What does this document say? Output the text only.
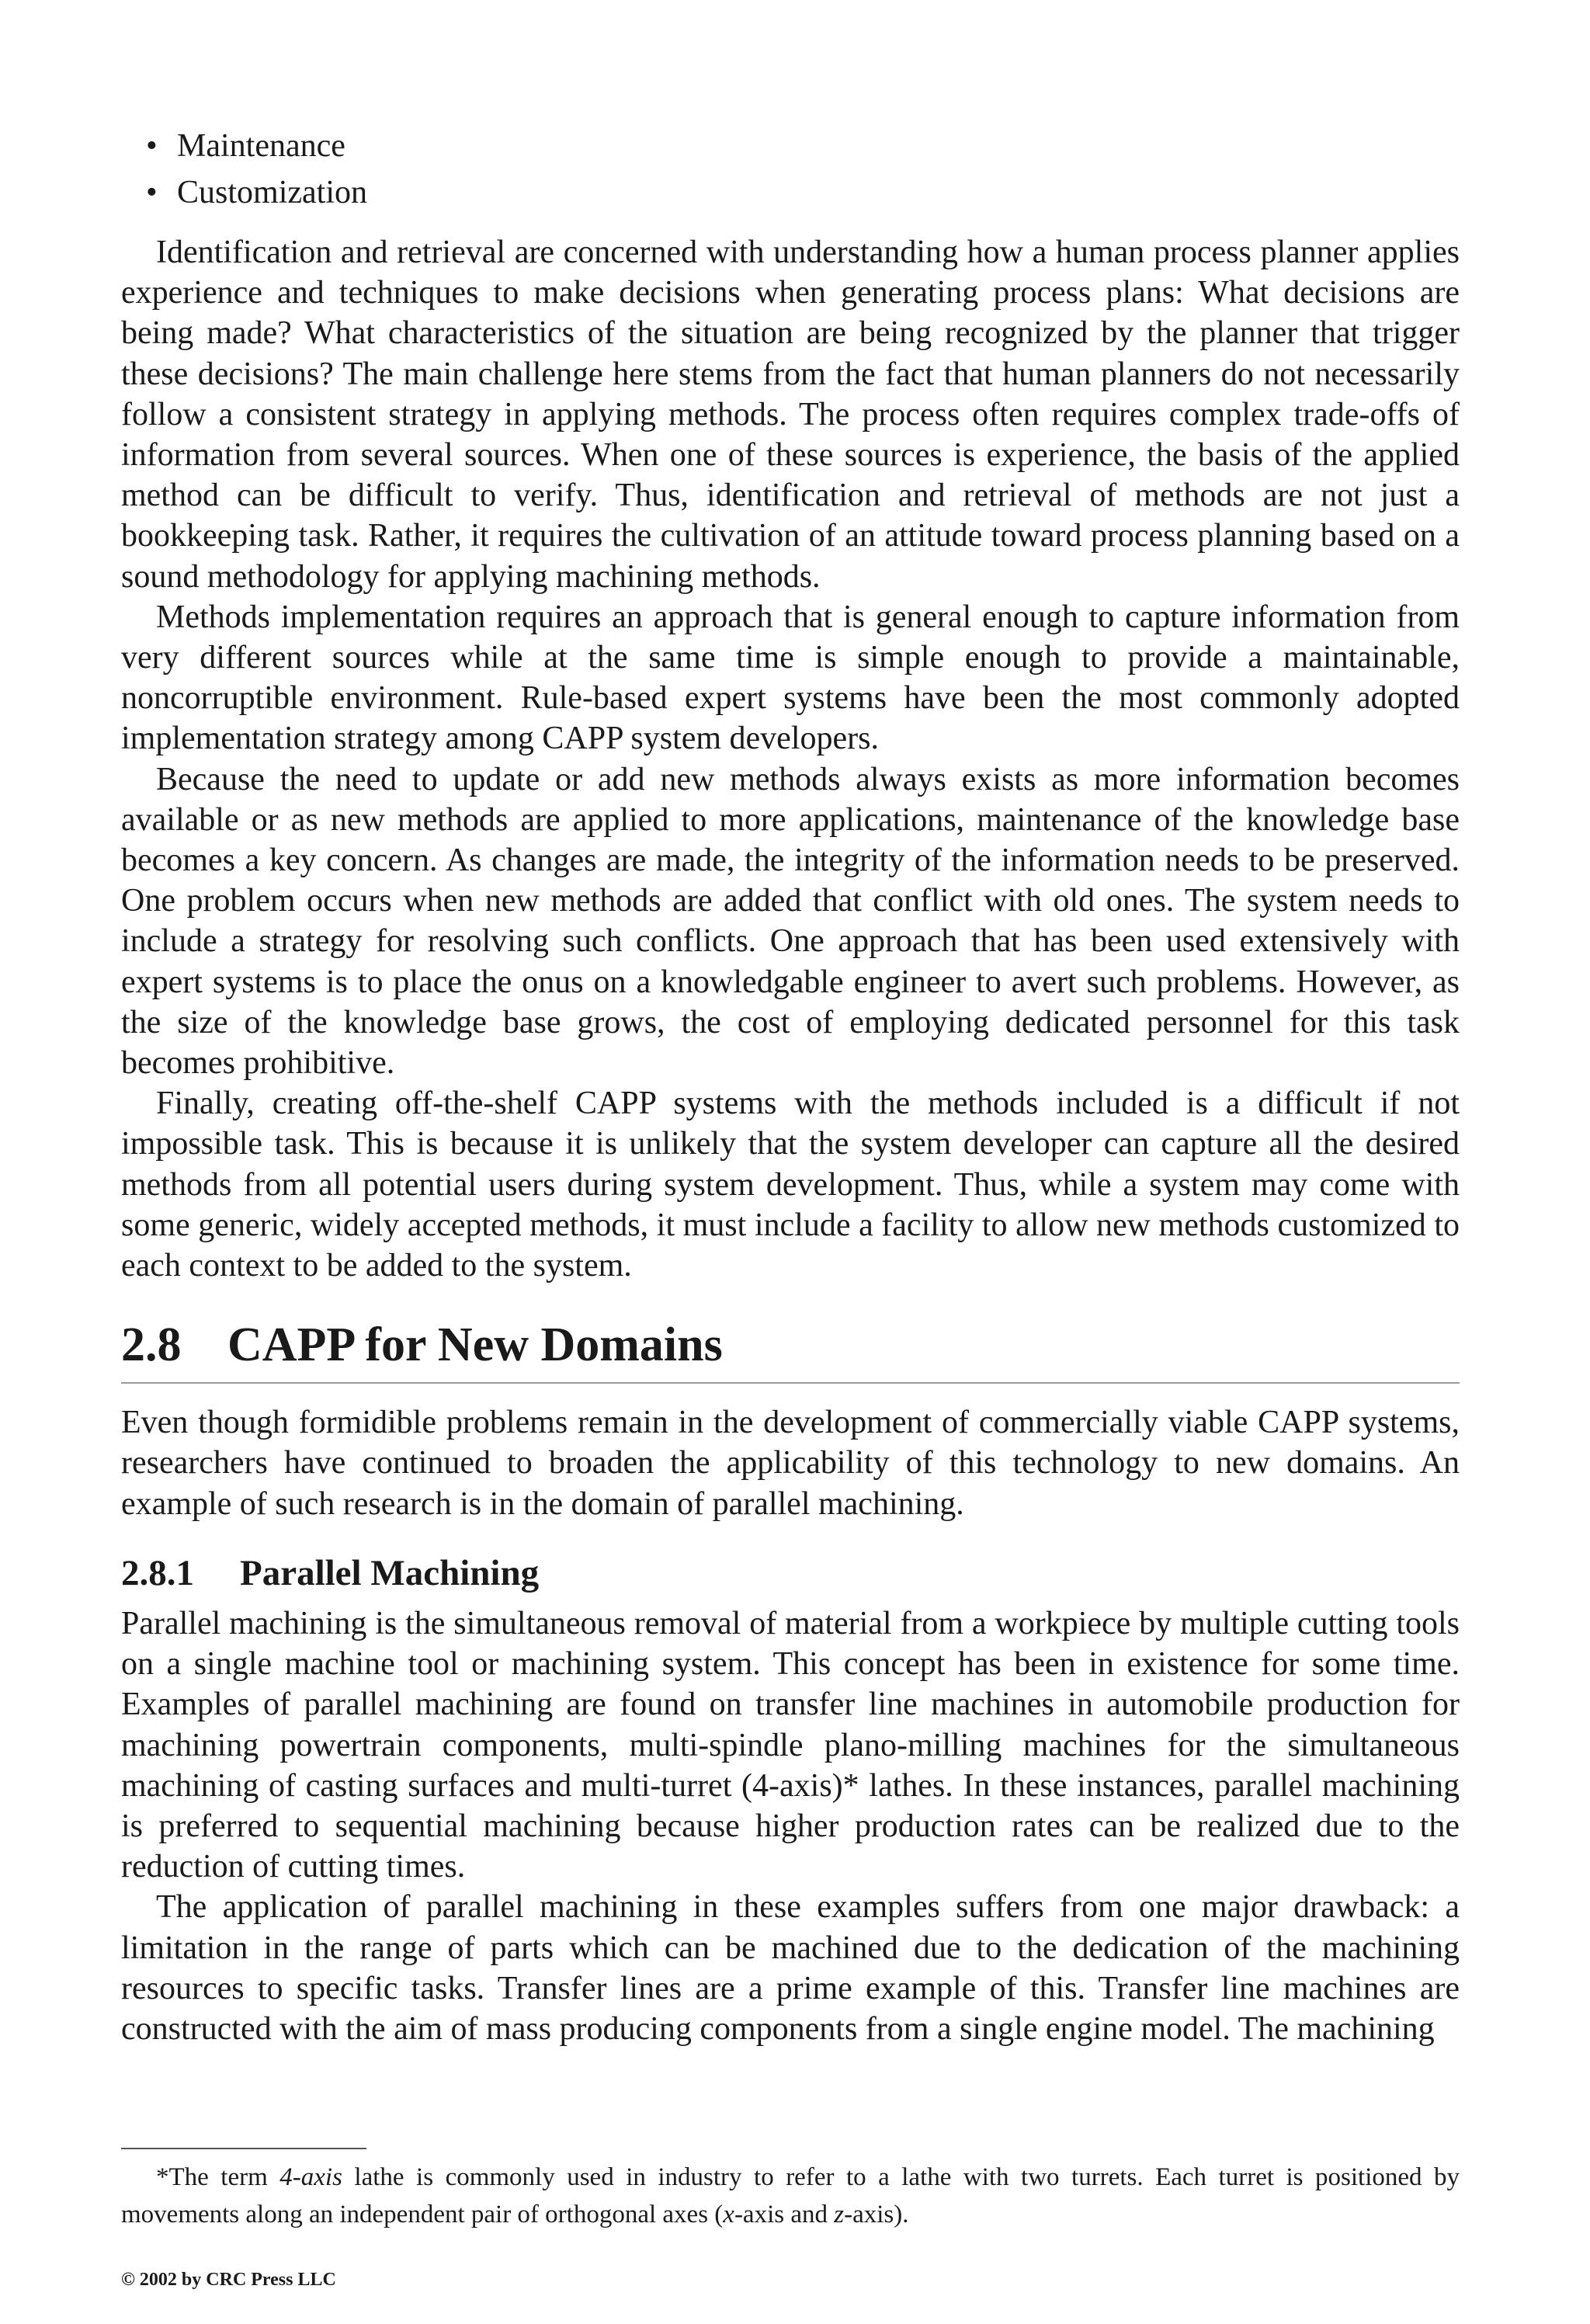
• Maintenance
• Customization

Identification and retrieval are concerned with understanding how a human process planner applies experience and techniques to make decisions when generating process plans: What decisions are being made? What characteristics of the situation are being recognized by the planner that trigger these decisions? The main challenge here stems from the fact that human planners do not necessarily follow a consistent strategy in applying methods. The process often requires complex trade-offs of information from several sources. When one of these sources is experience, the basis of the applied method can be difficult to verify. Thus, identification and retrieval of methods are not just a bookkeeping task. Rather, it requires the cultivation of an attitude toward process planning based on a sound methodology for applying machining methods.

Methods implementation requires an approach that is general enough to capture information from very different sources while at the same time is simple enough to provide a maintainable, noncorruptible environment. Rule-based expert systems have been the most commonly adopted implementation strategy among CAPP system developers.

Because the need to update or add new methods always exists as more information becomes available or as new methods are applied to more applications, maintenance of the knowledge base becomes a key concern. As changes are made, the integrity of the information needs to be preserved. One problem occurs when new methods are added that conflict with old ones. The system needs to include a strategy for resolving such conflicts. One approach that has been used extensively with expert systems is to place the onus on a knowledgable engineer to avert such problems. However, as the size of the knowledge base grows, the cost of employing dedicated personnel for this task becomes prohibitive.

Finally, creating off-the-shelf CAPP systems with the methods included is a difficult if not impossible task. This is because it is unlikely that the system developer can capture all the desired methods from all potential users during system development. Thus, while a system may come with some generic, widely accepted methods, it must include a facility to allow new methods customized to each context to be added to the system.

2.8 CAPP for New Domains

Even though formidible problems remain in the development of commercially viable CAPP systems, researchers have continued to broaden the applicability of this technology to new domains. An example of such research is in the domain of parallel machining.

2.8.1 Parallel Machining

Parallel machining is the simultaneous removal of material from a workpiece by multiple cutting tools on a single machine tool or machining system. This concept has been in existence for some time. Examples of parallel machining are found on transfer line machines in automobile production for machining powertrain components, multi-spindle plano-milling machines for the simultaneous machining of casting surfaces and multi-turret (4-axis)* lathes. In these instances, parallel machining is preferred to sequential machining because higher production rates can be realized due to the reduction of cutting times.

The application of parallel machining in these examples suffers from one major drawback: a limitation in the range of parts which can be machined due to the dedication of the machining resources to specific tasks. Transfer lines are a prime example of this. Transfer line machines are constructed with the aim of mass producing components from a single engine model. The machining

*The term 4-axis lathe is commonly used in industry to refer to a lathe with two turrets. Each turret is positioned by movements along an independent pair of orthogonal axes (x-axis and z-axis).

© 2002 by CRC Press LLC
